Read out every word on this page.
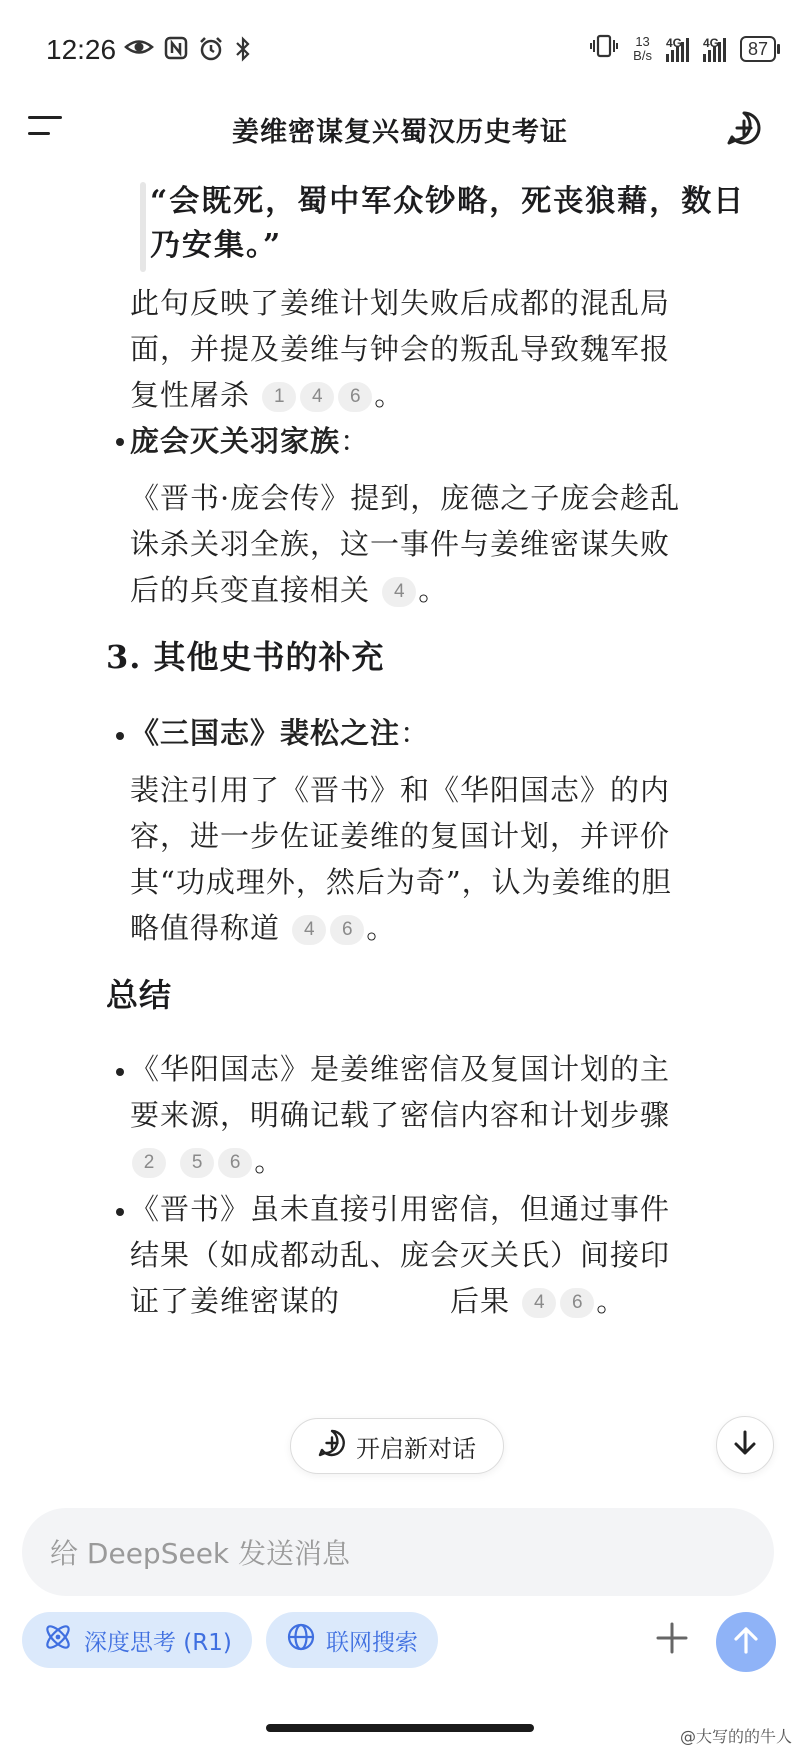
12:26	13
B/s
4G 4G	87
姜维密谋复兴蜀汉历史考证
“会既死，蜀中军众钞略，死丧狼藉，数日乃安集。”
此句反映了姜维计划失败后成都的混乱局面，并提及姜维与钟会的叛乱导致魏军报复性屠杀 1 4 6 。
庞会灭关羽家族：
《晋书·庞会传》提到，庞德之子庞会趁乱诛杀关羽全族，这一事件与姜维密谋失败后的兵变直接相关 4 。
3. 其他史书的补充
《三国志》裴松之注：
裴注引用了《晋书》和《华阳国志》的内容，进一步佐证姜维的复国计划，并评价其“功成理外，然后为奇”，认为姜维的胆略值得称道 4 6 。
总结
《华阳国志》是姜维密信及复国计划的主要来源，明确记载了密信内容和计划步骤 2 5 6 。
《晋书》虽未直接引用密信，但通过事件结果（如成都动乱、庞会灭关氏）间接印证了姜维密谋的	后果 4 6 。
开启新对话
给 DeepSeek 发送消息
深度思考 (R1)	联网搜索
@大写的的牛人
